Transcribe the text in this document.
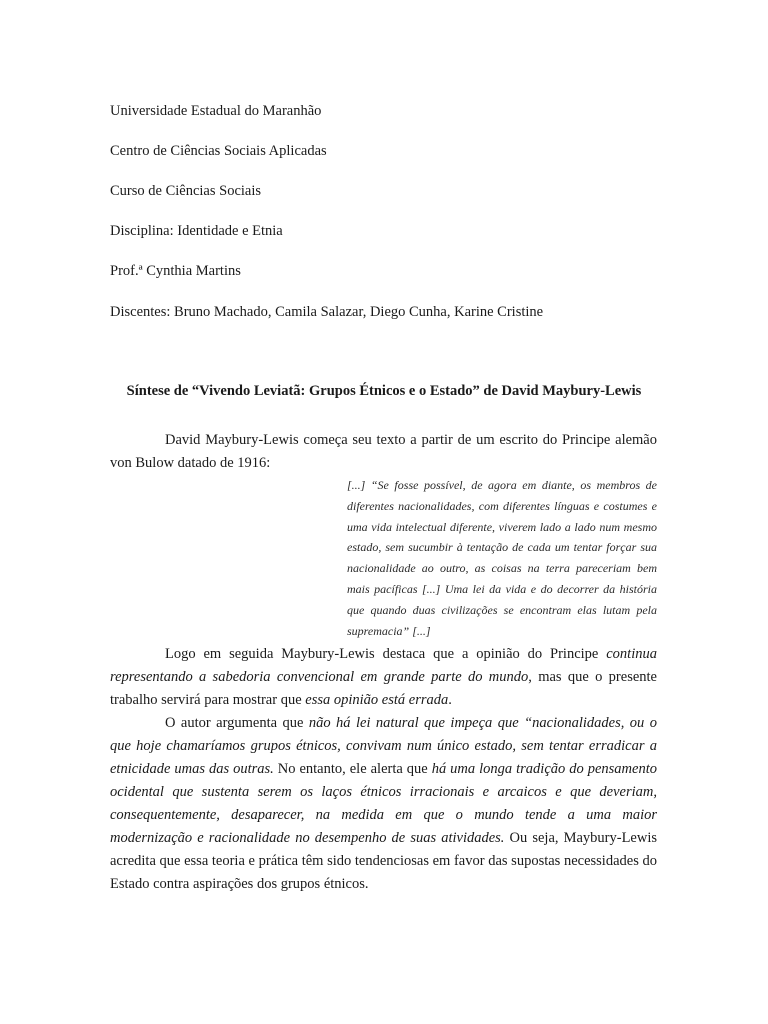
Universidade Estadual do Maranhão
Centro de Ciências Sociais Aplicadas
Curso de Ciências Sociais
Disciplina: Identidade e Etnia
Prof.ª Cynthia Martins
Discentes: Bruno Machado, Camila Salazar, Diego Cunha, Karine Cristine
Síntese de “Vivendo Leviatã: Grupos Étnicos e o Estado” de David Maybury-Lewis

David Maybury-Lewis começa seu texto a partir de um escrito do Principe alemão von Bulow datado de 1916:

[...] “Se fosse possível, de agora em diante, os membros de diferentes nacionalidades, com diferentes línguas e costumes e uma vida intelectual diferente, viverem lado a lado num mesmo estado, sem sucumbir à tentação de cada um tentar forçar sua nacionalidade ao outro, as coisas na terra pareceriam bem mais pacíficas [...] Uma lei da vida e do decorrer da história que quando duas civilizações se encontram elas lutam pela supremacia” [...]

Logo em seguida Maybury-Lewis destaca que a opinião do Principe continua representando a sabedoria convencional em grande parte do mundo, mas que o presente trabalho servirá para mostrar que essa opinião está errada.

O autor argumenta que não há lei natural que impeça que “nacionalidades, ou o que hoje chamaríamos grupos étnicos, convivam num único estado, sem tentar erradicar a etnicidade umas das outras. No entanto, ele alerta que há uma longa tradição do pensamento ocidental que sustenta serem os laços étnicos irracionais e arcaicos e que deveriam, consequentemente, desaparecer, na medida em que o mundo tende a uma maior modernização e racionalidade no desempenho de suas atividades. Ou seja, Maybury-Lewis acredita que essa teoria e prática têm sido tendenciosas em favor das supostas necessidades do Estado contra aspirações dos grupos étnicos.
